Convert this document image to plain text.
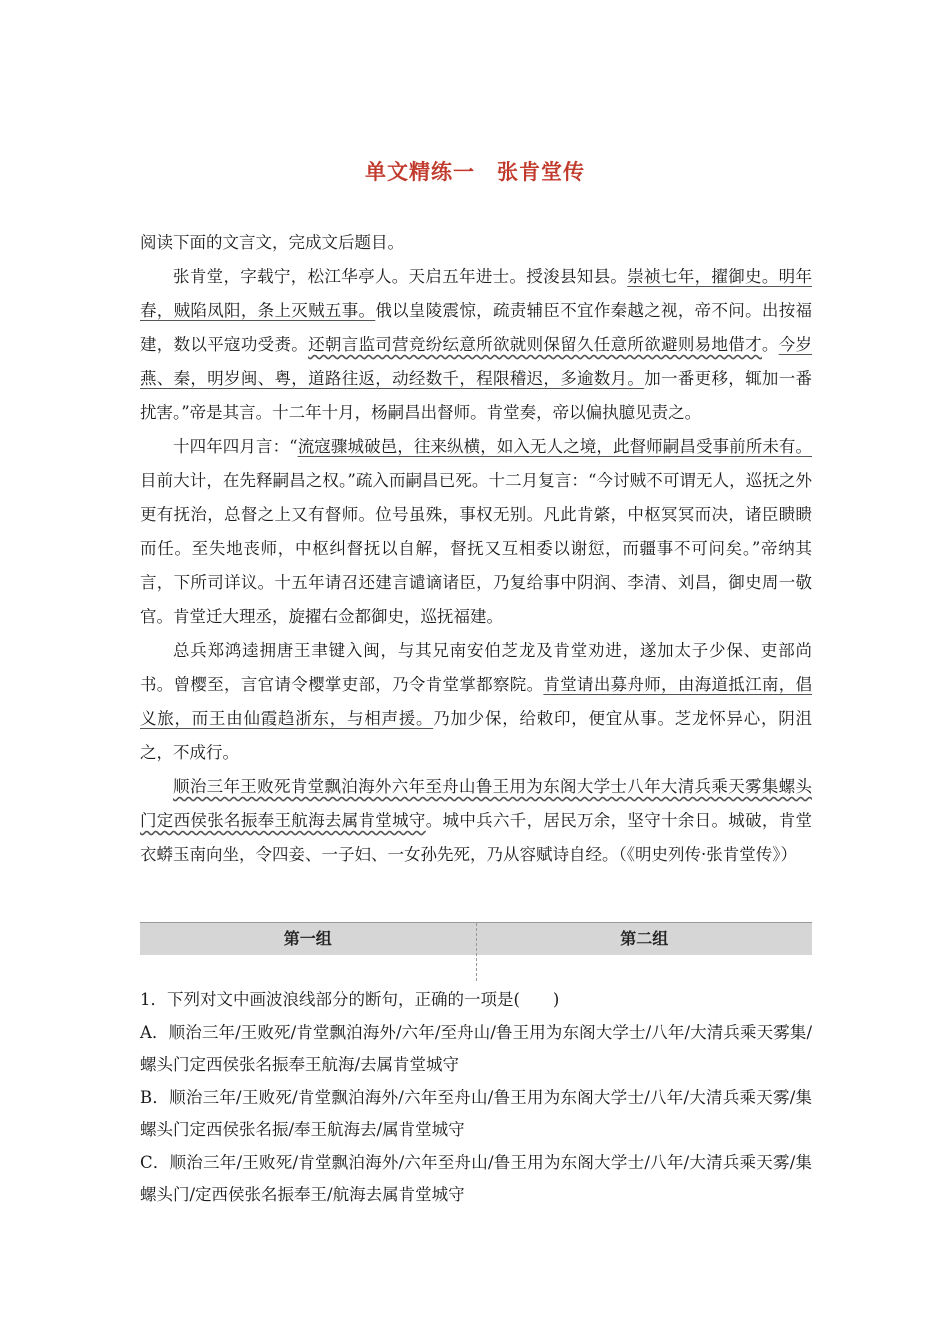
单文精练一 张肯堂传

阅读下面的文言文，完成文后题目。

张肯堂，字载宁，松江华亭人。天启五年进士。授浚县知县。崇祯七年，擢御史。明年春，贼陷凤阳，条上灭贼五事。俄以皇陵震惊，疏责辅臣不宜作秦越之视，帝不问。出按福建，数以平寇功受赉。还朝言监司营竞纷纭意所欲就则保留久任意所欲避则易地借才。今岁燕、秦，明岁闽、粤，道路往返，动经数千，程限稽迟，多逾数月。加一番更移，辄加一番扰害。”帝是其言。十二年十月，杨嗣昌出督师。肯堂奏，帝以偏执臆见责之。

十四年四月言：“流寇骤城破邑，往来纵横，如入无人之境，此督师嗣昌受事前所未有。目前大计，在先释嗣昌之权。”疏入而嗣昌已死。十二月复言：“今讨贼不可谓无人，巡抚之外更有抚治，总督之上又有督师。位号虽殊，事权无别。凡此肯綮，中枢冥冥而决，诸臣瞆瞆而任。至失地丧师，中枢纠督抚以自解，督抚又互相委以谢愆，而疆事不可问矣。”帝纳其言，下所司详议。十五年请召还建言谴谪诸臣，乃复给事中阴润、李清、刘昌，御史周一敬官。肯堂迁大理丞，旋擢右佥都御史，巡抚福建。

总兵郑鸿逵拥唐王聿键入闽，与其兄南安伯芝龙及肯堂劝进，遂加太子少保、吏部尚书。曾樱至，言官请令樱掌吏部，乃令肯堂掌都察院。肯堂请出募舟师，由海道抵江南，倡义旅，而王由仙霞趋浙东，与相声援。乃加少保，给敕印，便宜从事。芝龙怀异心，阴沮之，不成行。

顺治三年王败死肯堂飘泊海外六年至舟山鲁王用为东阁大学士八年大清兵乘天雾集螺头门定西侯张名振奉王航海去属肯堂城守。城中兵六千，居民万余，坚守十余日。城破，肯堂衣蟒玉南向坐，令四妾、一子妇、一女孙先死，乃从容赋诗自经。（《明史列传·张肯堂传》）

第一组	第二组

1．下列对文中画波浪线部分的断句，正确的一项是(　　)

A．顺治三年/王败死/肯堂飘泊海外/六年/至舟山/鲁王用为东阁大学士/八年/大清兵乘天雾集/螺头门定西侯张名振奉王航海/去属肯堂城守

B．顺治三年/王败死/肯堂飘泊海外/六年至舟山/鲁王用为东阁大学士/八年/大清兵乘天雾/集螺头门定西侯张名振/奉王航海去/属肯堂城守

C．顺治三年/王败死/肯堂飘泊海外/六年至舟山/鲁王用为东阁大学士/八年/大清兵乘天雾/集螺头门/定西侯张名振奉王/航海去属肯堂城守
